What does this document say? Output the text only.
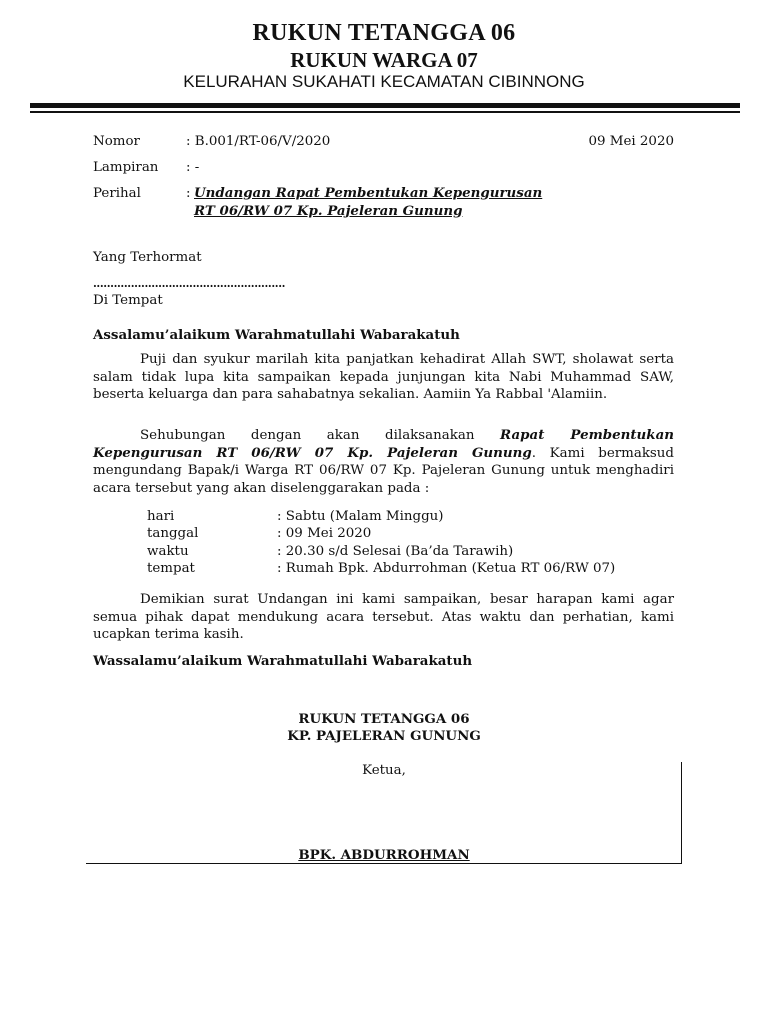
RUKUN TETANGGA 06
RUKUN WARGA 07
KELURAHAN SUKAHATI KECAMATAN CIBINNONG
Nomor	: B.001/RT-06/V/2020	09 Mei 2020
Lampiran : -
Perihal	: Undangan Rapat Pembentukan Kepengurusan
RT 06/RW 07 Kp. Pajeleran Gunung
Yang Terhormat
........................................................
Di Tempat
Assalamu’alaikum Warahmatullahi Wabarakatuh
Puji dan syukur marilah kita panjatkan kehadirat Allah SWT, sholawat serta salam tidak lupa kita sampaikan kepada junjungan kita Nabi Muhammad SAW, beserta keluarga dan para sahabatnya sekalian. Aamiin Ya Rabbal 'Alamiin.
Sehubungan dengan akan dilaksanakan Rapat Pembentukan Kepengurusan RT 06/RW 07 Kp. Pajeleran Gunung. Kami bermaksud mengundang Bapak/i Warga RT 06/RW 07 Kp. Pajeleran Gunung untuk menghadiri acara tersebut yang akan diselenggarakan pada :
hari	: Sabtu (Malam Minggu)
tanggal	: 09 Mei 2020
waktu	: 20.30 s/d Selesai (Ba’da Tarawih)
tempat	: Rumah Bpk. Abdurrohman (Ketua RT 06/RW 07)
Demikian surat Undangan ini kami sampaikan, besar harapan kami agar semua pihak dapat mendukung acara tersebut. Atas waktu dan perhatian, kami ucapkan terima kasih.
Wassalamu’alaikum Warahmatullahi Wabarakatuh
RUKUN TETANGGA 06
KP. PAJELERAN GUNUNG
Ketua,
BPK. ABDURROHMAN
